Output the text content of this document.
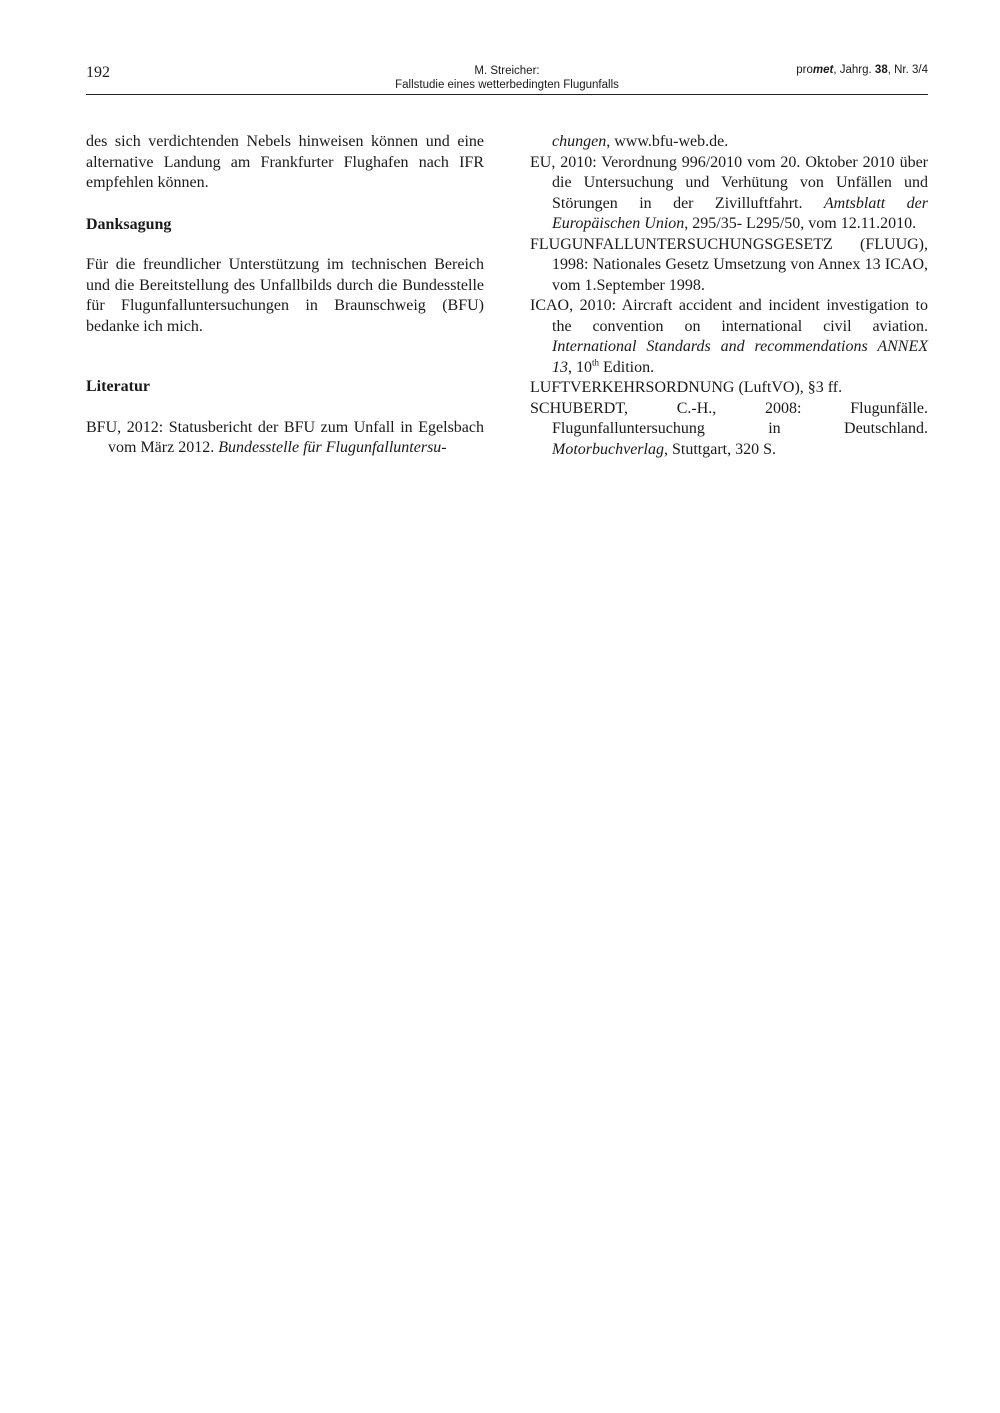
192	M. Streicher:
Fallstudie eines wetterbedingten Flugunfalls
promet, Jahrg. 38, Nr. 3/4

des sich verdichtenden Nebels hinweisen können und eine alternative Landung am Frankfurter Flughafen nach IFR empfehlen können.

Danksagung

Für die freundlicher Unterstützung im technischen Bereich und die Bereitstellung des Unfallbilds durch die Bundesstelle für Flugunfalluntersuchungen in Braunschweig (BFU) bedanke ich mich.

Literatur

BFU, 2012: Statusbericht der BFU zum Unfall in Egelsbach vom März 2012. Bundesstelle für Flugunfalluntersu-

chungen, www.bfu-web.de.

EU, 2010: Verordnung 996/2010 vom 20. Oktober 2010 über die Untersuchung und Verhütung von Unfällen und Störungen in der Zivilluftfahrt. Amtsblatt der Europäischen Union, 295/35- L295/50, vom 12.11.2010.

FLUGUNFALLUNTERSUCHUNGSGESETZ (FLUUG), 1998: Nationales Gesetz Umsetzung von Annex 13 ICAO, vom 1.September 1998.

ICAO, 2010: Aircraft accident and incident investigation to the convention on international civil aviation. International Standards and recommendations ANNEX 13, 10th Edition.

LUFTVERKEHRSORDNUNG (LuftVO), §3 ff.

SCHUBERDT, C.-H., 2008: Flugunfälle. Flugunfalluntersuchung in Deutschland. Motorbuchverlag, Stuttgart, 320 S.
